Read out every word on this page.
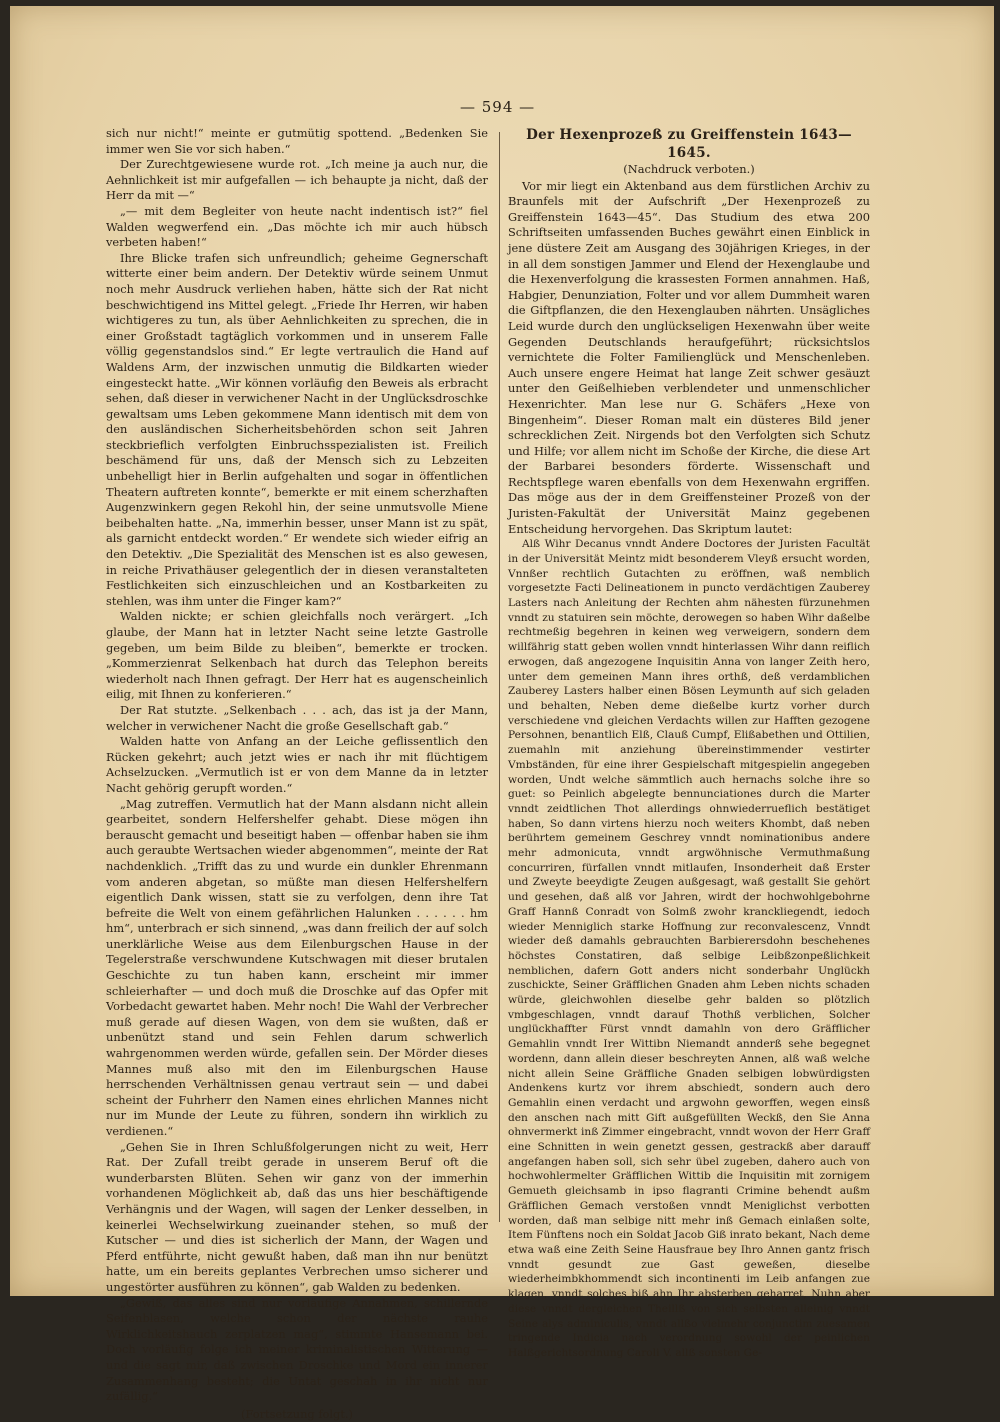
— 594 —

sich nur nicht!“ meinte er gutmütig spottend. „Bedenken Sie immer wen Sie vor sich haben.“

Der Zurechtgewiesene wurde rot. „Ich meine ja auch nur, die Aehnlichkeit ist mir aufgefallen — ich behaupte ja nicht, daß der Herr da mit —“

„— mit dem Begleiter von heute nacht indentisch ist?“ fiel Walden wegwerfend ein. „Das möchte ich mir auch hübsch verbeten haben!“

Ihre Blicke trafen sich unfreundlich; geheime Gegnerschaft witterte einer beim andern. Der Detektiv würde seinem Unmut noch mehr Ausdruck verliehen haben, hätte sich der Rat nicht beschwichtigend ins Mittel gelegt. „Friede Ihr Herren, wir haben wichtigeres zu tun, als über Aehnlichkeiten zu sprechen, die in einer Großstadt tagtäglich vorkommen und in unserem Falle völlig gegenstandslos sind.“ Er legte vertraulich die Hand auf Waldens Arm, der inzwischen unmutig die Bildkarten wieder eingesteckt hatte. „Wir können vorläufig den Beweis als erbracht sehen, daß dieser in verwichener Nacht in der Unglücksdroschke gewaltsam ums Leben gekommene Mann identisch mit dem von den ausländischen Sicherheitsbehörden schon seit Jahren steckbrieflich verfolgten Einbruchsspezialisten ist. Freilich beschämend für uns, daß der Mensch sich zu Lebzeiten unbehelligt hier in Berlin aufgehalten und sogar in öffentlichen Theatern auftreten konnte“, bemerkte er mit einem scherzhaften Augenzwinkern gegen Rekohl hin, der seine unmutsvolle Miene beibehalten hatte. „Na, immerhin besser, unser Mann ist zu spät, als garnicht entdeckt worden.“ Er wendete sich wieder eifrig an den Detektiv. „Die Spezialität des Menschen ist es also gewesen, in reiche Privathäuser gelegentlich der in diesen veranstalteten Festlichkeiten sich einzuschleichen und an Kostbarkeiten zu stehlen, was ihm unter die Finger kam?“

Walden nickte; er schien gleichfalls noch verärgert. „Ich glaube, der Mann hat in letzter Nacht seine letzte Gastrolle gegeben, um beim Bilde zu bleiben“, bemerkte er trocken. „Kommerzienrat Selkenbach hat durch das Telephon bereits wiederholt nach Ihnen gefragt. Der Herr hat es augenscheinlich eilig, mit Ihnen zu konferieren.“

Der Rat stutzte. „Selkenbach . . . ach, das ist ja der Mann, welcher in verwichener Nacht die große Gesellschaft gab.“

Walden hatte von Anfang an der Leiche geflissentlich den Rücken gekehrt; auch jetzt wies er nach ihr mit flüchtigem Achselzucken. „Vermutlich ist er von dem Manne da in letzter Nacht gehörig gerupft worden.“

„Mag zutreffen. Vermutlich hat der Mann alsdann nicht allein gearbeitet, sondern Helfershelfer gehabt. Diese mögen ihn berauscht gemacht und beseitigt haben — offenbar haben sie ihm auch geraubte Wertsachen wieder abgenommen“, meinte der Rat nachdenklich. „Trifft das zu und wurde ein dunkler Ehrenmann vom anderen abgetan, so müßte man diesen Helfershelfern eigentlich Dank wissen, statt sie zu verfolgen, denn ihre Tat befreite die Welt von einem gefährlichen Halunken . . . . . . hm hm“, unterbrach er sich sinnend, „was dann freilich der auf solch unerklärliche Weise aus dem Eilenburgschen Hause in der Tegelerstraße verschwundene Kutschwagen mit dieser brutalen Geschichte zu tun haben kann, erscheint mir immer schleierhafter — und doch muß die Droschke auf das Opfer mit Vorbedacht gewartet haben. Mehr noch! Die Wahl der Verbrecher muß gerade auf diesen Wagen, von dem sie wußten, daß er unbenützt stand und sein Fehlen darum schwerlich wahrgenommen werden würde, gefallen sein. Der Mörder dieses Mannes muß also mit den im Eilenburgschen Hause herrschenden Verhältnissen genau vertraut sein — und dabei scheint der Fuhrherr den Namen eines ehrlichen Mannes nicht nur im Munde der Leute zu führen, sondern ihn wirklich zu verdienen.“

„Gehen Sie in Ihren Schlußfolgerungen nicht zu weit, Herr Rat. Der Zufall treibt gerade in unserem Beruf oft die wunderbarsten Blüten. Sehen wir ganz von der immerhin vorhandenen Möglichkeit ab, daß das uns hier beschäftigende Verhängnis und der Wagen, will sagen der Lenker desselben, in keinerlei Wechselwirkung zueinander stehen, so muß der Kutscher — und dies ist sicherlich der Mann, der Wagen und Pferd entführte, nicht gewußt haben, daß man ihn nur benützt hatte, um ein bereits geplantes Verbrechen umso sicherer und ungestörter ausführen zu können“, gab Walden zu bedenken.

„Gewiß, das alles sind nur vorläufige Annahmen, schillernde Seifenblasen, welche schon der nächste rauhe Wirklichkeitshauch zerplatzen mag“, stimmte Hansemann bei. Doch vorläufig folge ich meiner kriminalistischen Witterung — und die sagt mir, daß zwischen Droschke und Mord ein innerer Zusammenhang besteht; die Untat geschah in ihr nicht nur zufällig.“

(Fortsetzung folgt.)
Der Hexenprozeß zu Greiffenstein 1643—1645.
(Nachdruck verboten.)

Vor mir liegt ein Aktenband aus dem fürstlichen Archiv zu Braunfels mit der Aufschrift „Der Hexenprozeß zu Greiffenstein 1643—45“. Das Studium des etwa 200 Schriftseiten umfassenden Buches gewährt einen Einblick in jene düstere Zeit am Ausgang des 30jährigen Krieges, in der in all dem sonstigen Jammer und Elend der Hexenglaube und die Hexenverfolgung die krassesten Formen annahmen. Haß, Habgier, Denunziation, Folter und vor allem Dummheit waren die Giftpflanzen, die den Hexenglauben nährten. Unsägliches Leid wurde durch den unglückseligen Hexenwahn über weite Gegenden Deutschlands heraufgeführt; rücksichtslos vernichtete die Folter Familienglück und Menschenleben. Auch unsere engere Heimat hat lange Zeit schwer gesäuzt unter den Geißelhieben verblendeter und unmenschlicher Hexenrichter. Man lese nur G. Schäfers „Hexe von Bingenheim“. Dieser Roman malt ein düsteres Bild jener schrecklichen Zeit. Nirgends bot den Verfolgten sich Schutz und Hilfe; vor allem nicht im Schoße der Kirche, die diese Art der Barbarei besonders förderte. Wissenschaft und Rechtspflege waren ebenfalls von dem Hexenwahn ergriffen. Das möge aus der in dem Greiffensteiner Prozeß von der Juristen-Fakultät der Universität Mainz gegebenen Entscheidung hervorgehen. Das Skriptum lautet:

Alß Wihr Decanus vnndt Andere Doctores der Juristen Facultät in der Universität Meintz midt besonderem Vleyß ersucht worden, Vnnßer rechtlich Gutachten zu eröffnen, waß nemblich vorgesetzte Facti Delineationem in puncto verdächtigen Zauberey Lasters nach Anleitung der Rechten ahm nähesten fürzunehmen vnndt zu statuiren sein möchte, derowegen so haben Wihr daßelbe rechtmeßig begehren in keinen weg verweigern, sondern dem willfährig statt geben wollen vnndt hinterlassen Wihr dann reiflich erwogen, daß angezogene Inquisitin Anna von langer Zeith hero, unter dem gemeinen Mann ihres orthß, deß verdamblichen Zauberey Lasters halber einen Bösen Leymunth auf sich geladen und behalten, Neben deme dießelbe kurtz vorher durch verschiedene vnd gleichen Verdachts willen zur Hafften gezogene Persohnen, benantlich Elß, Clauß Cumpf, Elißabethen und Ottilien, zuemahln mit anziehung übereinstimmender vestirter Vmbständen, für eine ihrer Gespielschaft mitgespielin angegeben worden, Undt welche sämmtlich auch hernachs solche ihre so guet: so Peinlich abgelegte bennunciationes durch die Marter vnndt zeidtlichen Thot allerdings ohnwiederrueflich bestätiget haben, So dann virtens hierzu noch weiters Khombt, daß neben berührtem gemeinem Geschrey vnndt nominationibus andere mehr admonicuta, vnndt argwöhnische Vermuthmaßung concurriren, fürfallen vnndt mitlaufen, Insonderheit daß Erster und Zweyte beeydigte Zeugen außgesagt, waß gestallt Sie gehört und gesehen, daß alß vor Jahren, wirdt der hochwohlgebohrne Graff Hannß Conradt von Solmß zwohr kranckliegendt, iedoch wieder Menniglich starke Hoffnung zur reconvalescenz, Vnndt wieder deß damahls gebrauchten Barbierersdohn beschehenes höchstes Constatiren, daß selbige Leibßzonpeßlichkeit nemblichen, dafern Gott anders nicht sonderbahr Unglückh zuschickte, Seiner Gräfflichen Gnaden ahm Leben nichts schaden würde, gleichwohlen dieselbe gehr balden so plötzlich vmbgeschlagen, vnndt darauf Thothß verblichen, Solcher unglückhaffter Fürst vnndt damahln von dero Gräfflicher Gemahlin vnndt Irer Wittibn Niemandt annderß sehe begegnet wordenn, dann allein dieser beschreyten Annen, alß waß welche nicht allein Seine Gräffliche Gnaden selbigen lobwürdigsten Andenkens kurtz vor ihrem abschiedt, sondern auch dero Gemahlin einen verdacht und argwohn geworffen, wegen einsß den anschen nach mitt Gift außgefüllten Weckß, den Sie Anna ohnvermerkt inß Zimmer eingebracht, vnndt wovon der Herr Graff eine Schnitten in wein genetzt gessen, gestrackß aber darauff angefangen haben soll, sich sehr übel zugeben, dahero auch von hochwohlermelter Gräfflichen Wittib die Inquisitin mit zornigem Gemueth gleichsamb in ipso flagranti Crimine behendt außm Gräfflichen Gemach verstoßen vnndt Meniglichst verbotten worden, daß man selbige nitt mehr inß Gemach einlaßen solte, Item Fünftens noch ein Soldat Jacob Giß inrato bekant, Nach deme etwa waß eine Zeith Seine Hausfraue bey Ihro Annen gantz frisch vnndt gesundt zue Gast geweßen, dieselbe wiederheimbkhommendt sich incontinenti im Leib anfangen zue klagen, vnndt solches biß ahn Ihr absterben geharret, Nuhn aber diese vnndt dergleichen Theillß von sich selbsten alleinig vnndt Seine alys adminiculis, vnndt allßo vielmehr conjunctim zuesamen tringende Indicia nach verordnung sowohl der peinlichen Halßgerichtsordnung Caroli V. allß sonsten Ge-
